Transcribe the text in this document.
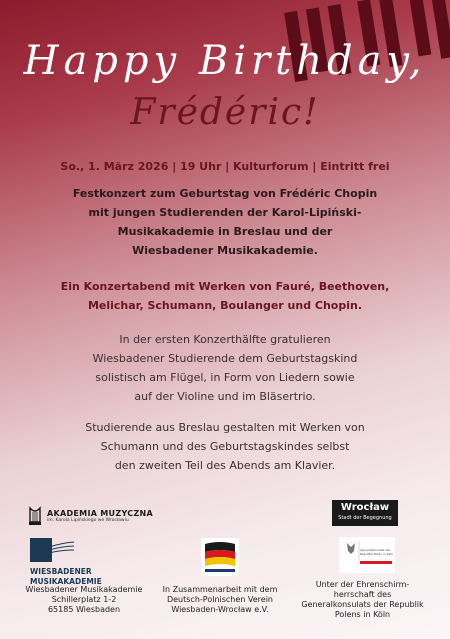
Happy Birthday,
Frédéric!
So., 1. März 2026 | 19 Uhr | Kulturforum | Eintritt frei
Festkonzert zum Geburtstag von Frédéric Chopin
mit jungen Studierenden der Karol-Lipiński-
Musikakademie in Breslau und der
Wiesbadener Musikakademie.
Ein Konzertabend mit Werken von Fauré, Beethoven,
Melichar, Schumann, Boulanger und Chopin.
In der ersten Konzerthälfte gratulieren
Wiesbadener Studierende dem Geburtstagskind
solistisch am Flügel, in Form von Liedern sowie
auf der Violine und im Bläsertrio.
Studierende aus Breslau gestalten mit Werken von
Schumann und des Geburtstagskindes selbst
den zweiten Teil des Abends am Klavier.
AKADEMIA MUZYCZNA
im. Karola Lipińskiego we Wrocławiu
Wrocław
Stadt der Begegnung
WIESBADENER
MUSIKAKADEMIE
Generalkonsulat der Republik Polen in Köln
Wiesbadener Musikakademie
Schillerplatz 1-2
65185 Wiesbaden
In Zusammenarbeit mit dem
Deutsch-Polnischen Verein
Wiesbaden-Wrocław e.V.
Unter der Ehrenschirm-
herrschaft des
Generalkonsulats der Republik
Polens in Köln
